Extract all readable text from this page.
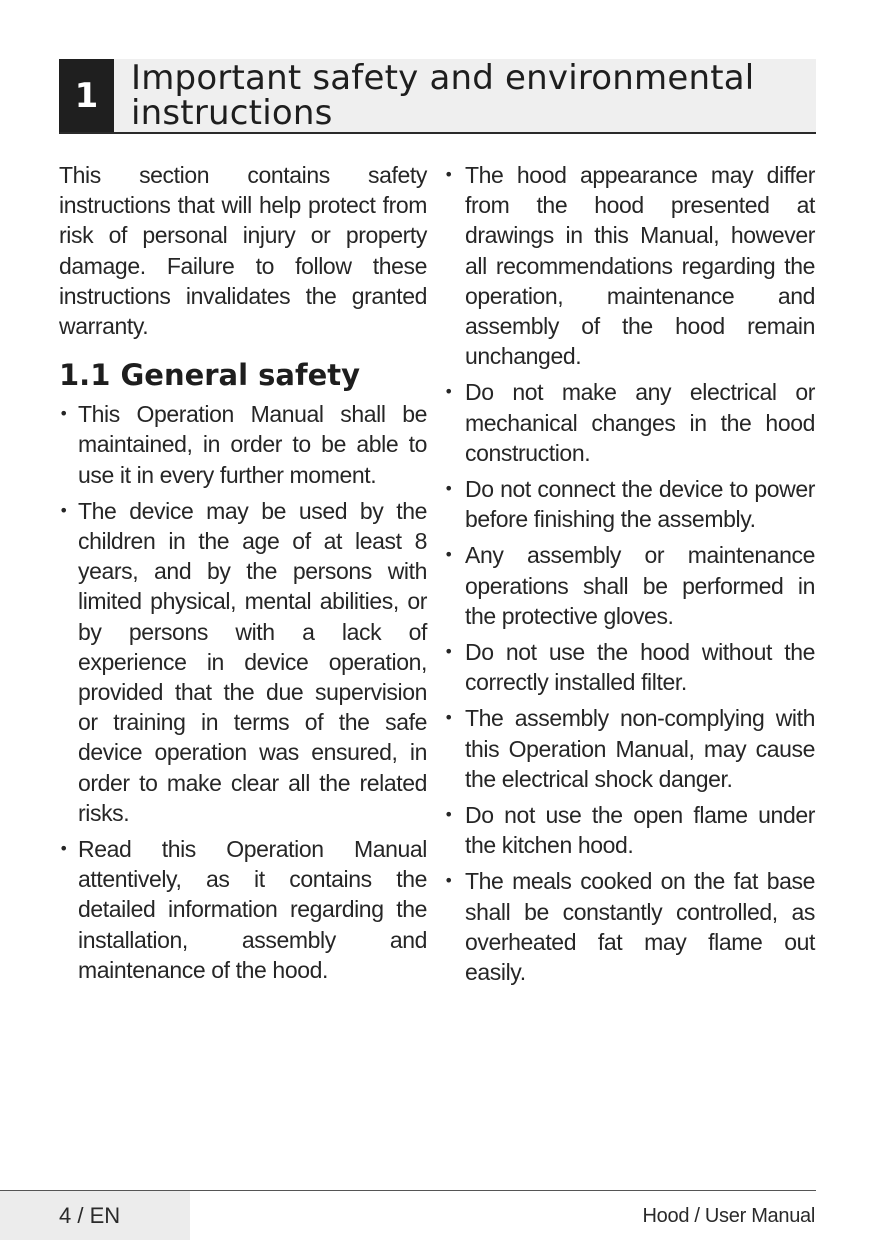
1 Important safety and environmental instructions

This section contains safety instructions that will help protect from risk of personal injury or property damage. Failure to follow these instructions invalidates the granted warranty.

1.1 General safety
• This Operation Manual shall be maintained, in order to be able to use it in every further moment.
• The device may be used by the children in the age of at least 8 years, and by the persons with limited physical, mental abilities, or by persons with a lack of experience in device operation, provided that the due supervision or training in terms of the safe device operation was ensured, in order to make clear all the related risks.
• Read this Operation Manual attentively, as it contains the detailed information regarding the installation, assembly and maintenance of the hood.
• The hood appearance may differ from the hood presented at drawings in this Manual, however all recommendations regarding the operation, maintenance and assembly of the hood remain unchanged.
• Do not make any electrical or mechanical changes in the hood construction.
• Do not connect the device to power before finishing the assembly.
• Any assembly or maintenance operations shall be performed in the protective gloves.
• Do not use the hood without the correctly installed filter.
• The assembly non-complying with this Operation Manual, may cause the electrical shock danger.
• Do not use the open flame under the kitchen hood.
• The meals cooked on the fat base shall be constantly controlled, as overheated fat may flame out easily.
4 / EN	Hood / User Manual
